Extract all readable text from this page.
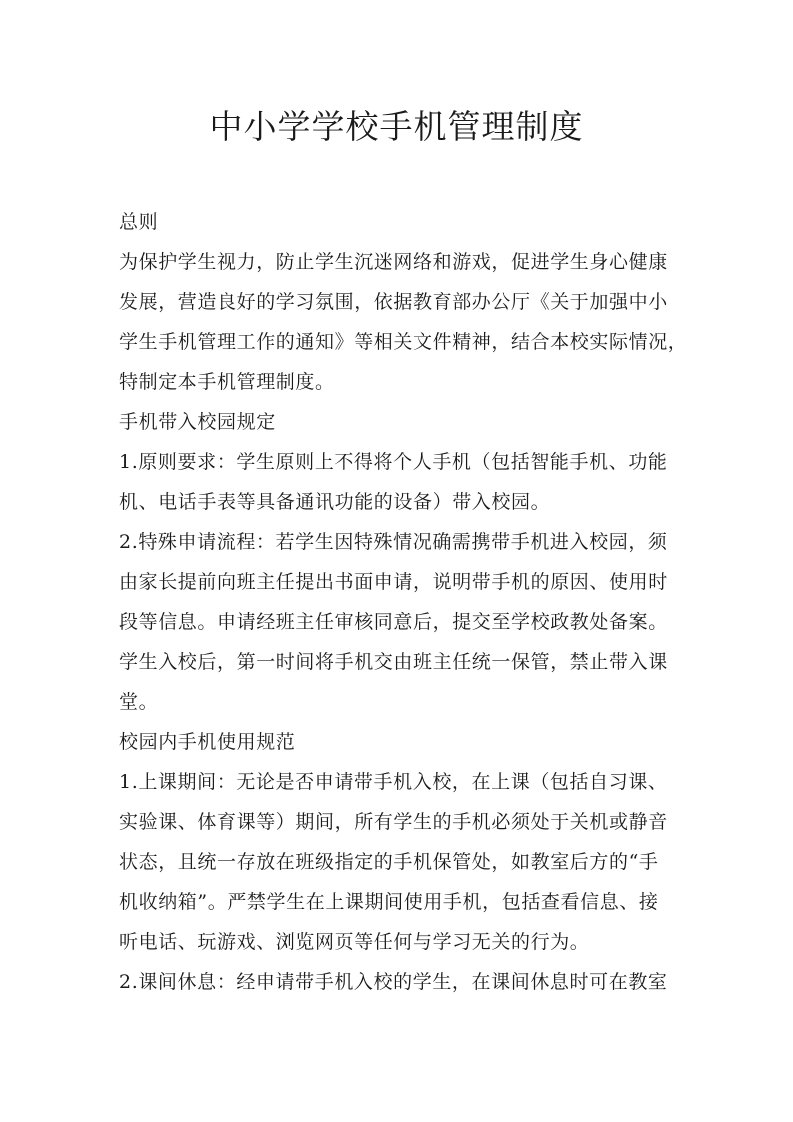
中小学学校手机管理制度
总则
为保护学生视力，防止学生沉迷网络和游戏，促进学生身心健康
发展，营造良好的学习氛围，依据教育部办公厅《关于加强中小
学生手机管理工作的通知》等相关文件精神，结合本校实际情况，
特制定本手机管理制度。
手机带入校园规定
1.原则要求：学生原则上不得将个人手机（包括智能手机、功能
机、电话手表等具备通讯功能的设备）带入校园。
2.特殊申请流程：若学生因特殊情况确需携带手机进入校园，须
由家长提前向班主任提出书面申请，说明带手机的原因、使用时
段等信息。申请经班主任审核同意后，提交至学校政教处备案。
学生入校后，第一时间将手机交由班主任统一保管，禁止带入课
堂。
校园内手机使用规范
1.上课期间：无论是否申请带手机入校，在上课（包括自习课、
实验课、体育课等）期间，所有学生的手机必须处于关机或静音
状态，且统一存放在班级指定的手机保管处，如教室后方的“手
机收纳箱”。严禁学生在上课期间使用手机，包括查看信息、接
听电话、玩游戏、浏览网页等任何与学习无关的行为。
2.课间休息：经申请带手机入校的学生，在课间休息时可在教室
